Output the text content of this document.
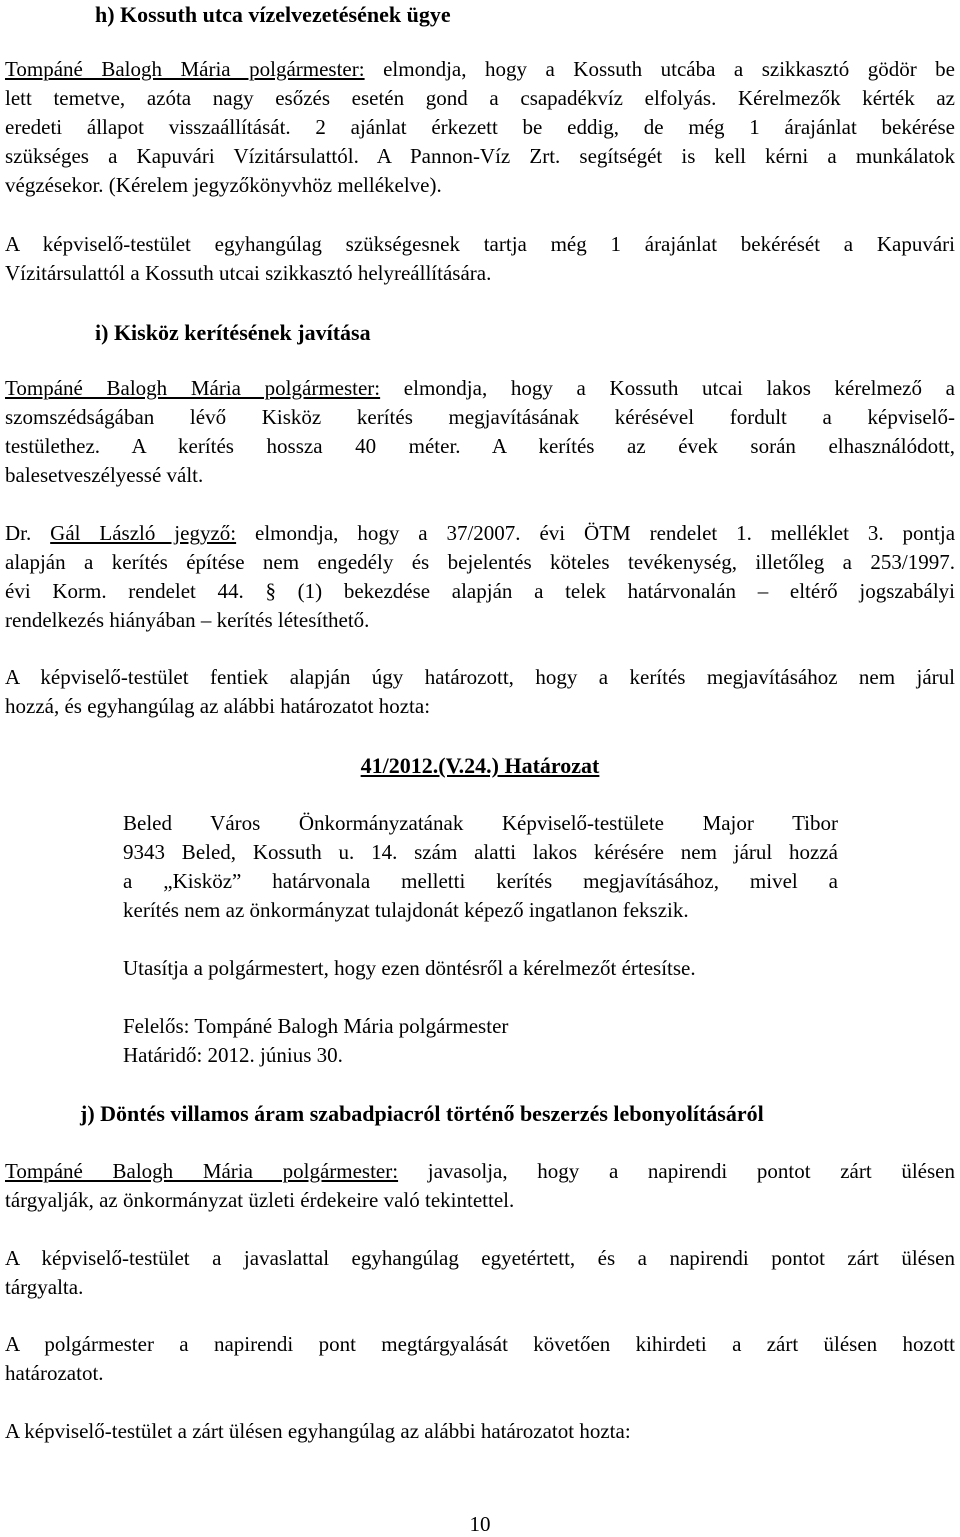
h) Kossuth utca vízelvezetésének ügye
Tompáné Balogh Mária polgármester: elmondja, hogy a Kossuth utcába a szikkasztó gödör be
lett temetve, azóta nagy esőzés esetén gond a csapadékvíz elfolyás. Kérelmezők kérték az
eredeti állapot visszaállítását. 2 ajánlat érkezett be eddig, de még 1 árajánlat bekérése
szükséges a Kapuvári Vízitársulattól. A Pannon-Víz Zrt. segítségét is kell kérni a munkálatok
végzésekor. (Kérelem jegyzőkönyvhöz mellékelve).
A képviselő-testület egyhangúlag szükségesnek tartja még 1 árajánlat bekérését a Kapuvári
Vízitársulattól a Kossuth utcai szikkasztó helyreállítására.
i) Kisköz kerítésének javítása
Tompáné Balogh Mária polgármester: elmondja, hogy a Kossuth utcai lakos kérelmező a
szomszédságában lévő Kisköz kerítés megjavításának kérésével fordult a képviselő-
testülethez. A kerítés hossza 40 méter. A kerítés az évek során elhasználódott,
balesetveszélyessé vált.
Dr. Gál László jegyző: elmondja, hogy a 37/2007. évi ÖTM rendelet 1. melléklet 3. pontja
alapján a kerítés építése nem engedély és bejelentés köteles tevékenység, illetőleg a 253/1997.
évi Korm. rendelet 44. § (1) bekezdése alapján a telek határvonalán – eltérő jogszabályi
rendelkezés hiányában – kerítés létesíthető.
A képviselő-testület fentiek alapján úgy határozott, hogy a kerítés megjavításához nem járul
hozzá, és egyhangúlag az alábbi határozatot hozta:
41/2012.(V.24.) Határozat
Beled Város Önkormányzatának Képviselő-testülete Major Tibor
9343 Beled, Kossuth u. 14. szám alatti lakos kérésére nem járul hozzá
a „Kisköz” határvonala melletti kerítés megjavításához, mivel a
kerítés nem az önkormányzat tulajdonát képező ingatlanon fekszik.
Utasítja a polgármestert, hogy ezen döntésről a kérelmezőt értesítse.
Felelős: Tompáné Balogh Mária polgármester
Határidő: 2012. június 30.
j) Döntés villamos áram szabadpiacról történő beszerzés lebonyolításáról
Tompáné Balogh Mária polgármester: javasolja, hogy a napirendi pontot zárt ülésen
tárgyalják, az önkormányzat üzleti érdekeire való tekintettel.
A képviselő-testület a javaslattal egyhangúlag egyetértett, és a napirendi pontot zárt ülésen
tárgyalta.
A polgármester a napirendi pont megtárgyalását követően kihirdeti a zárt ülésen hozott
határozatot.
A képviselő-testület a zárt ülésen egyhangúlag az alábbi határozatot hozta:
10
